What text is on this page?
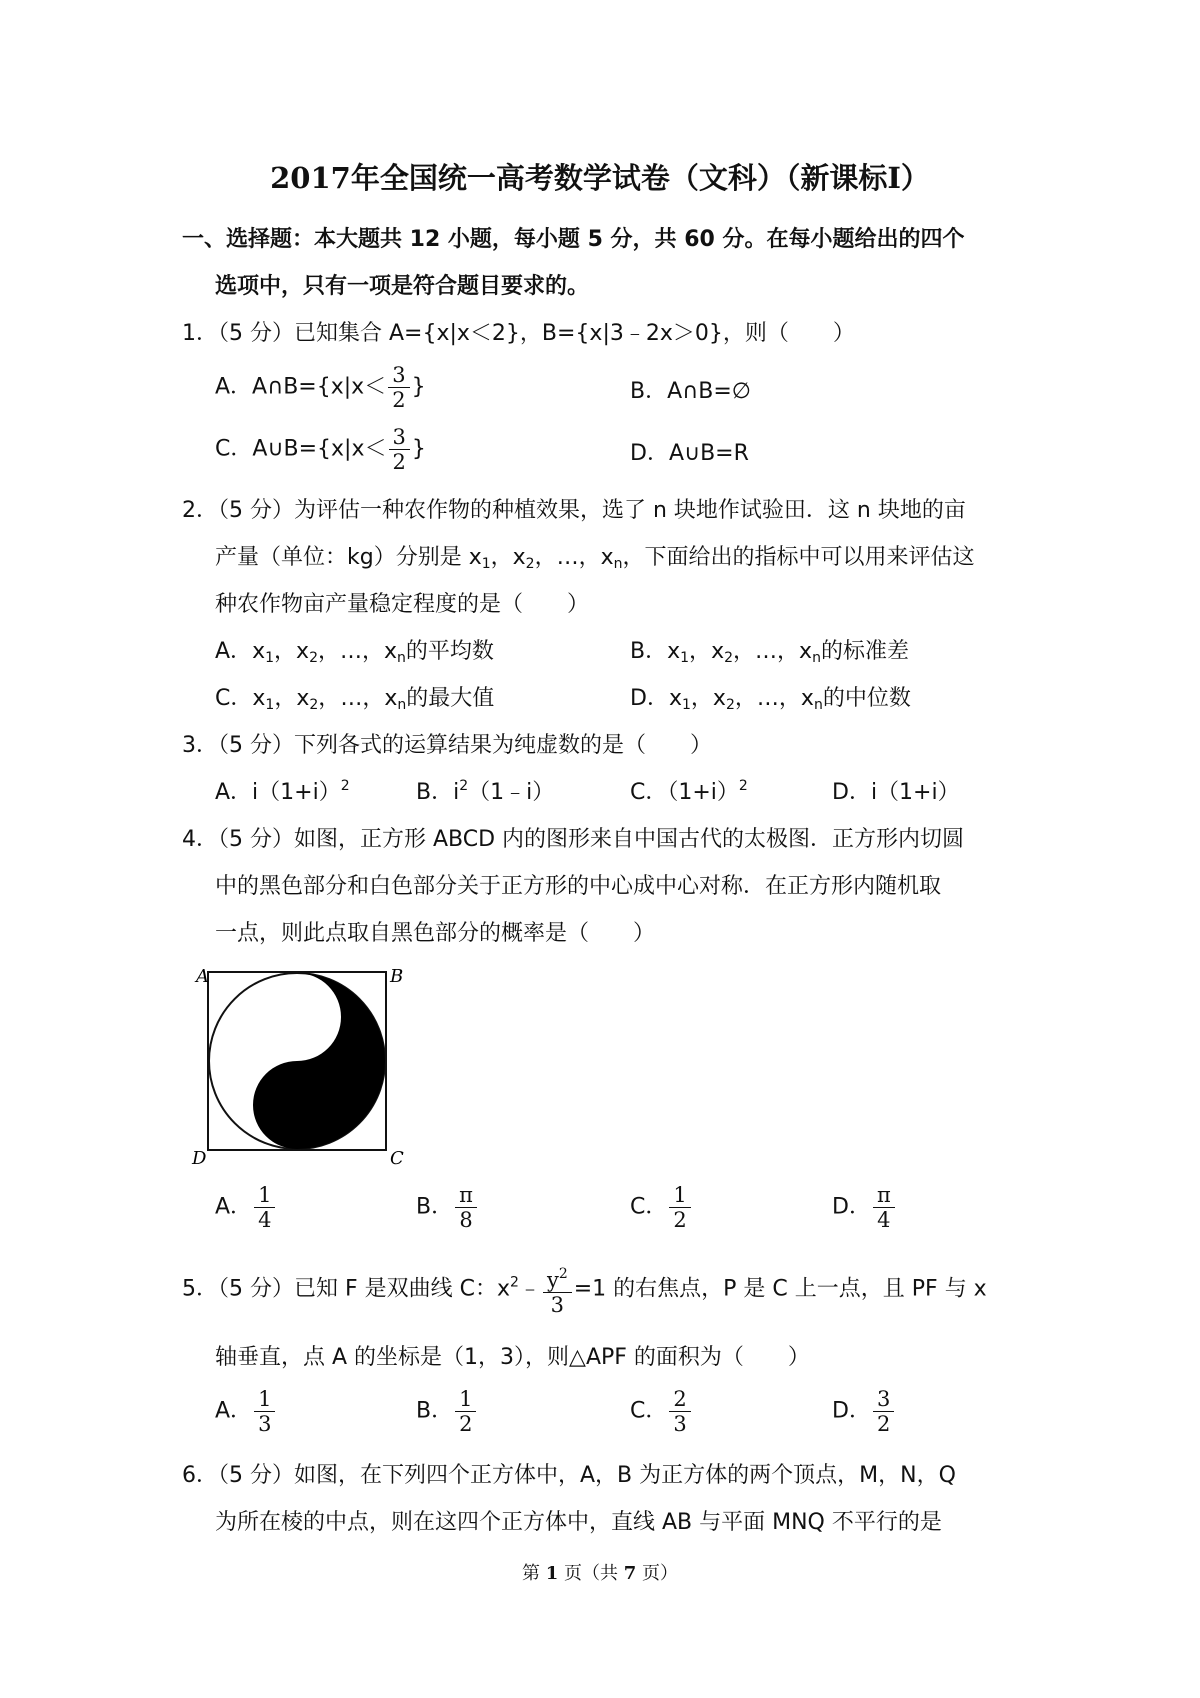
2017年全国统一高考数学试卷（文科）（新课标Ⅰ）
一、选择题：本大题共 12 小题，每小题 5 分，共 60 分。在每小题给出的四个
选项中，只有一项是符合题目要求的。
1．（5 分）已知集合 A={x|x＜2}，B={x|3﹣2x＞0}，则（　　）
A．A∩B={x|x＜ $\frac{3}{2}$ }	B．A∩B=∅
C．A∪B={x|x＜ $\frac{3}{2}$ }	D．A∪B=R
2．（5 分）为评估一种农作物的种植效果，选了 n 块地作试验田．这 n 块地的亩
产量（单位：kg）分别是 $x_1$，$x_2$，…，$x_n$，下面给出的指标中可以用来评估这
种农作物亩产量稳定程度的是（　　）
A．$x_1$，$x_2$，…，$x_n$的平均数	B．$x_1$，$x_2$，…，$x_n$的标准差
C．$x_1$，$x_2$，…，$x_n$的最大值	D．$x_1$，$x_2$，…，$x_n$的中位数
3．（5 分）下列各式的运算结果为纯虚数的是（　　）
A．$i(1+i)^2$	B．$i^2(1﹣i)$	C．$(1+i)^2$	D．i（1+i）
4．（5 分）如图，正方形 ABCD 内的图形来自中国古代的太极图．正方形内切圆
中的黑色部分和白色部分关于正方形的中心成中心对称．在正方形内随机取
一点，则此点取自黑色部分的概率是（　　）
A	B
C
D
A． $\frac{1}{4}$	B． $\frac{\pi}{8}$	C． $\frac{1}{2}$	D． $\frac{\pi}{4}$
5．（5 分）已知 F 是双曲线 C：$x^2﹣ \frac{y^2}{3} =1$ 的右焦点，P 是 C 上一点，且 PF 与 x
轴垂直，点 A 的坐标是（1，3），则△APF 的面积为（　　）
A． $\frac{1}{3}$	B． $\frac{1}{2}$	C． $\frac{2}{3}$	D． $\frac{3}{2}$
6．（5 分）如图，在下列四个正方体中，A，B 为正方体的两个顶点，M，N，Q
为所在棱的中点，则在这四个正方体中，直线 AB 与平面 MNQ 不平行的是
第 1 页（共 7 页）
